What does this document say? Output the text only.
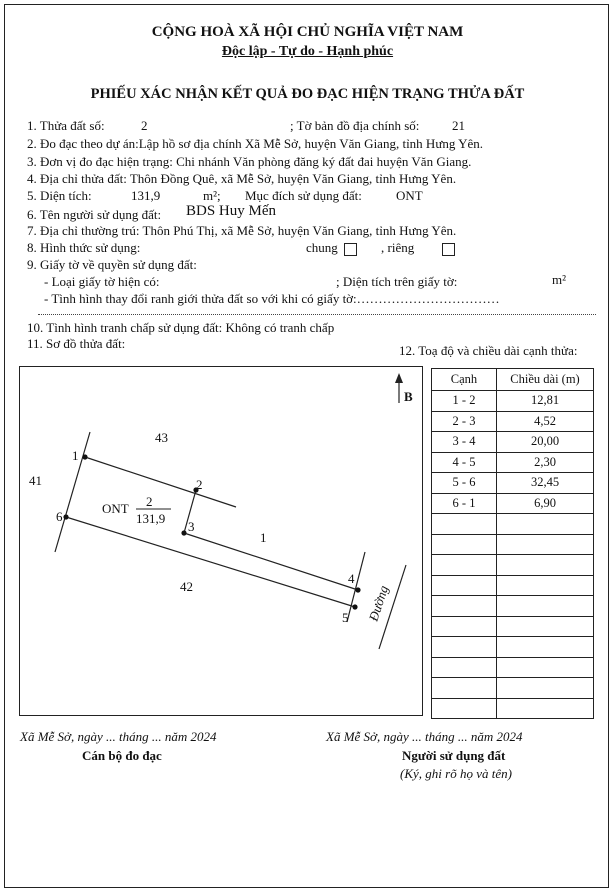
CỘNG HOÀ XÃ HỘI CHỦ NGHĨA VIỆT NAM
Độc lập - Tự do - Hạnh phúc
PHIẾU XÁC NHẬN KẾT QUẢ ĐO ĐẠC HIỆN TRẠNG THỬA ĐẤT
1. Thửa đất số:	2	; Tờ bản đồ địa chính số:	21
2. Đo đạc theo dự án:Lập hồ sơ địa chính Xã Mễ Sở, huyện Văn Giang, tỉnh Hưng Yên.
3. Đơn vị đo đạc hiện trạng: Chi nhánh Văn phòng đăng ký đất đai huyện Văn Giang.
4. Địa chỉ thửa đất: Thôn Đồng Quê, xã Mễ Sở, huyện Văn Giang, tỉnh Hưng Yên.
5. Diện tích:	131,9	m²; Mục đích sử dụng đất:	ONT
6. Tên người sử dụng đất: BDS Huy Mến
7. Địa chỉ thường trú: Thôn Phú Thị, xã Mễ Sở, huyện Văn Giang, tỉnh Hưng Yên.
8. Hình thức sử dụng:	chung	, riêng
9. Giấy tờ về quyền sử dụng đất:
- Loại giấy tờ hiện có:	; Diện tích trên giấy tờ:	m²
- Tình hình thay đổi ranh giới thửa đất so với khi có giấy tờ:……………………………
10. Tình hình tranh chấp sử dụng đất: Không có tranh chấp
11. Sơ đồ thửa đất:	12. Toạ độ và chiều dài cạnh thửa:
B
43
41
42
1
ONT 2
131,9
1
2
3
4
5
6
Đường
Cạnh	Chiều dài (m)
1 - 2	12,81
2 - 3	4,52
3 - 4	20,00
4 - 5	2,30
5 - 6	32,45
6 - 1	6,90

Xã Mễ Sở, ngày ... tháng ... năm 2024
Cán bộ đo đạc
Xã Mễ Sở, ngày ... tháng ... năm 2024
Người sử dụng đất
(Ký, ghi rõ họ và tên)
